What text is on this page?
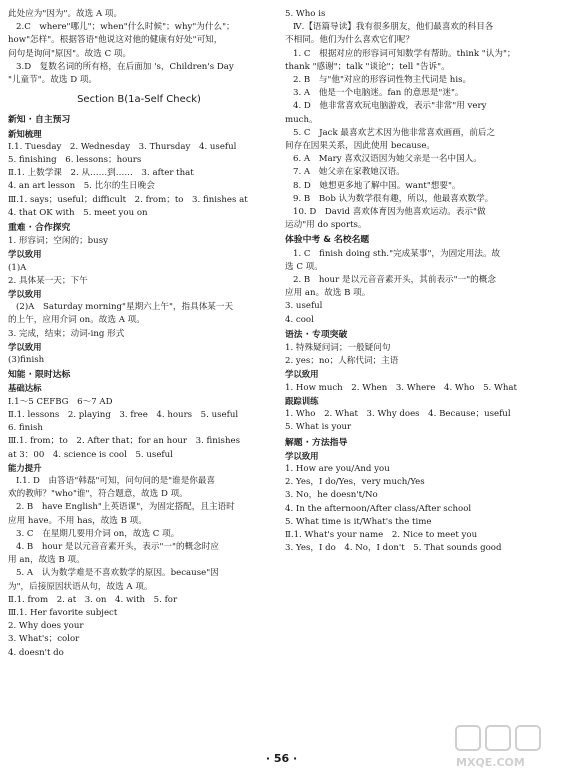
此处应为"因为"。故选 A 项。
2.C　where"哪儿"；when"什么时候"；why"为什么"；
how"怎样"。根据答语"他说这对他的健康有好处"可知，
问句是询问"原因"。故选 C 项。
3.D　复数名词的所有格，在后面加 's，Children's Day
"儿童节"。故选 D 项。
Section B(1a-Self Check)
新知 · 自主预习
新知梳理
Ⅰ.1. Tuesday　2. Wednesday　3. Thursday　4. useful
5. finishing　6. lessons；hours
Ⅱ.1. 上数学课　2. 从……到……　3. after that
4. an art lesson　5. 比尔的生日晚会
Ⅲ.1. says；useful；difficult　2. from；to　3. finishes at
4. that OK with　5. meet you on
重难 · 合作探究
1. 形容词；空闲的；busy
学以致用
(1)A
2. 具体某一天；下午
学以致用
(2)A　Saturday morning"星期六上午"，指具体某一天
的上午，应用介词 on。故选 A 项。
3. 完成，结束；动词-ing 形式
学以致用
(3)finish
知能 · 限时达标
基础达标
Ⅰ.1～5 CEFBG　6～7 AD
Ⅱ.1. lessons　2. playing　3. free　4. hours　5. useful
6. finish
Ⅲ.1. from；to　2. After that；for an hour　3. finishes
at 3：00　4. science is cool　5. useful
能力提升
Ⅰ.1. D　由答语"韩磊"可知，问句问的是"谁是你最喜
欢的教师？"who"谁"，符合题意，故选 D 项。
2. B　have English"上英语课"，为固定搭配，且主语时
应用 have。不用 has，故选 B 项。
3. C　在星期几要用介词 on，故选 C 项。
4. B　hour 是以元音音素开头，表示"一"的概念时应
用 an，故选 B 项。
5. A　认为数学难是不喜欢数学的原因。because"因
为"，后接原因状语从句，故选 A 项。
Ⅱ.1. from　2. at　3. on　4. with　5. for
Ⅲ.1. Her favorite subject
2. Why does your
3. What's；color
4. doesn't do
5. Who is
Ⅳ.【语篇导读】我有很多朋友，他们最喜欢的科目各
不相同。他们为什么喜欢它们呢？
1. C　根据对应的形容词可知数学有帮助。think "认为"；
thank "感谢"；talk "谈论"；tell "告诉"。
2. B　与"他"对应的形容词性物主代词是 his。
3. A　他是一个电脑迷。fan 的意思是"迷"。
4. D　他非常喜欢玩电脑游戏，表示"非常"用 very
much。
5. C　Jack 最喜欢艺术因为他非常喜欢画画，前后之
间存在因果关系，因此使用 because。
6. A　Mary 喜欢汉语因为她父亲是一名中国人。
7. A　她父亲在家教她汉语。
8. D　她想更多地了解中国。want"想要"。
9. B　Bob 认为数学很有趣，所以，他最喜欢数学。
10. D　David 喜欢体育因为他喜欢运动。表示"做
运动"用 do sports。
体验中考 & 名校名题
1. C　finish doing sth."完成某事"，为固定用法。故
选 C 项。
2. B　hour 是以元音音素开头，其前表示"一"的概念
应用 an。故选 B 项。
3. useful
4. cool
语法 · 专项突破
1. 特殊疑问词；一般疑问句
2. yes；no；人称代词；主语
学以致用
1. How much　2. When　3. Where　4. Who　5. What
跟踪训练
1. Who　2. What　3. Why does　4. Because；useful
5. What is your
解题 · 方法指导
学以致用
1. How are you/And you
2. Yes，I do/Yes，very much/Yes
3. No，he doesn't/No
4. In the afternoon/After class/After school
5. What time is it/What's the time
Ⅱ.1. What's your name　2. Nice to meet you
3. Yes，I do　4. No，I don't　5. That sounds good
· 56 ·	MXQE.COM
